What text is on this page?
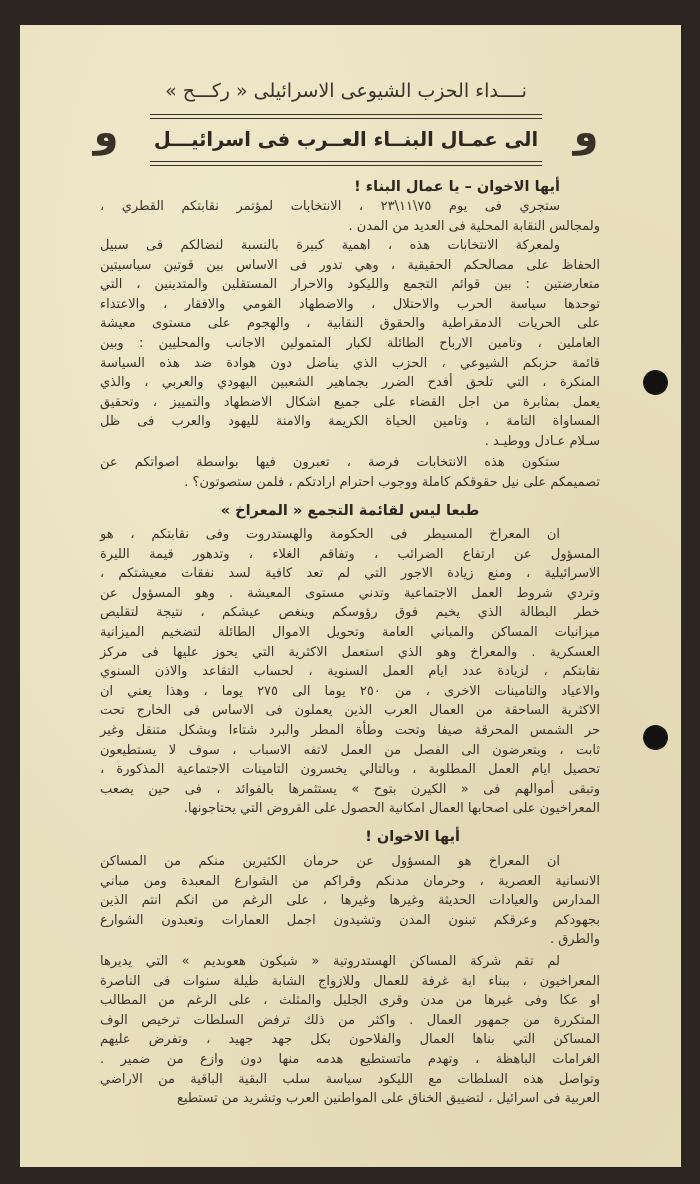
نــــداء الحزب الشيوعى الاسرائيلى « ركـــح »
و	و
الى عمـال البنــاء العــرب فى اسرائيـــل
أيها الاخوان – يا عمال البناء !
ستجري فى يوم ٧٥\١١\٢٣ ، الانتخابات لمؤتمر نقابتكم القطري ،
ولمجالس النقابة المحلية فى العديد من المدن .
ولمعركة الانتخابات هذه ، اهمية كبيرة بالنسبة لنضالكم فى سبيل
الحفاظ على مصالحكم الحقيقية ، وهي تدور فى الاساس بين قوتين سياسيتين
متعارضتين : بين قوائم التجمع والليكود والاحرار المستقلين والمتدينين ، التي
توحدها سياسة الحرب والاحتلال ، والاضطهاد القومي والافقار ، والاعتداء
على الحريات الدمقراطية والحقوق النقابية ، والهجوم على مستوى معيشة
العاملين ، وتامين الارباح الطائلة لكبار المتمولين الاجانب والمحليين : وبين
قائمة حزبكم الشيوعي ، الحزب الذي يناضل دون هوادة ضد هذه السياسة
المنكرة ، التي تلحق أفدح الضرر بجماهير الشعبين اليهودي والعربي ، والذي
يعمل بمثابرة من اجل القضاء على جميع اشكال الاضطهاد والتمييز ، وتحقيق
المساواة التامة ، وتامين الحياة الكريمة والامنة لليهود والعرب فى ظل
سـلام عـادل ووطيـد .
ستكون هذه الانتخابات فرصة ، تعبرون فيها بواسطة اصواتكم عن
تصميمكم على نيل حقوقكم كاملة ووجوب احترام ارادتكم ، فلمن ستصوتون؟ .
طبعا ليس لقائمة التجمع « المعراخ »
ان المعراخ المسيطر فى الحكومة والهستدروت وفى نقابتكم ، هو
المسؤول عن ارتفاع الضرائب ، وتفاقم الغلاء ، وتدهور قيمة الليرة
الاسرائيلية ، ومنع زيادة الاجور التي لم تعد كافية لسد نفقات معيشتكم ،
وتردي شروط العمل الاجتماعية وتدني مستوى المعيشة . وهو المسؤول عن
خطر البطالة الذي يخيم فوق رؤوسكم وينغص عيشكم ، نتيجة لتقليص
ميزانيات المساكن والمباني العامة وتحويل الاموال الطائلة لتضخيم الميزانية
العسكرية . والمعراخ وهو الذي استعمل الاكثرية التي يحوز عليها فى مركز
نقابتكم ، لزيادة عدد ايام العمل السنوية ، لحساب التقاعد والاذن السنوي
والاعياد والتامينات الاخرى ، من ٢٥٠ يوما الى ٢٧٥ يوما ، وهذا يعني ان
الاكثرية الساحقة من العمال العرب الذين يعملون فى الاساس فى الخارج تحت
حر الشمس المحرقة صيفا وتحت وطأة المطر والبرد شتاءا وبشكل متنقل وغير
ثابت ، ويتعرضون الى الفصل من العمل لاتفه الاسباب ، سوف لا يستطيعون
تحصيل ايام العمل المطلوبة ، وبالتالي يخسرون التامينات الاجتماعية المذكورة ،
وتبقى أموالهم فى « الكيرن بتوح » يستثمرها بالفوائد ، فى حين يصعب
المعراخيون على اصحابها العمال امكانية الحصول على القروض التي يحتاجونها.
أيها الاخوان !
ان المعراخ هو المسؤول عن حرمان الكثيرين منكم من المساكن
الانسانية العصرية ، وحرمان مدنكم وقراكم من الشوارع المعبدة ومن مباني
المدارس والعيادات الحديثة وغيرها وغيرها ، على الرغم من انكم انتم الذين
بجهودكم وعرقكم تبنون المدن وتشيدون اجمل العمارات وتعبدون الشوارع
والطرق .
لم تقم شركة المساكن الهستدروتية « شيكون هعوبديم » التي يديرها
المعراخيون ، ببناء اية غرفة للعمال وللازواج الشابة طيلة سنوات فى الناصرة
او عكا وفى غيرها من مدن وقرى الجليل والمثلث ، على الرغم من المطالب
المتكررة من جمهور العمال . واكثر من ذلك ترفض السلطات ترخيص الوف
المساكن التي بناها العمال والفلاحون بكل جهد جهيد ، وتفرض عليهم
الغرامات الباهظة ، وتهدم ماتستطيع هدمه منها دون وازع من ضمير .
وتواصل هذه السلطات مع الليكود سياسة سلب البقية الباقية من الاراضي
العربية فى اسرائيل ، لتضييق الخناق على المواطنين العرب وتشريد من تستطيع
